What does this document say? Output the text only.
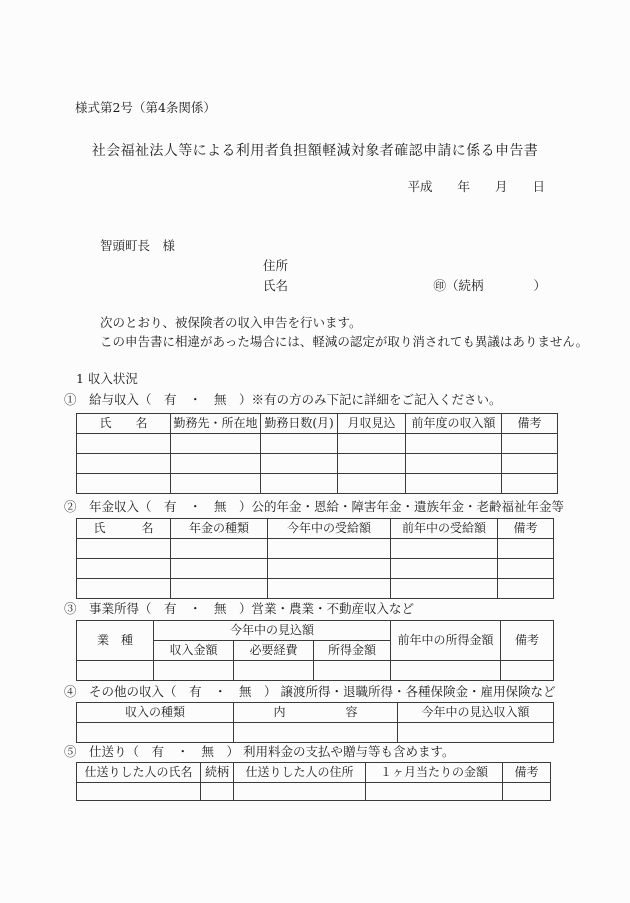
様式第2号（第4条関係）
社会福祉法人等による利用者負担額軽減対象者確認申請に係る申告書
平成　　年　　月　　日
智頭町長　様
住所
氏名	㊞（続柄　　　　）
次のとおり、被保険者の収入申告を行います。
この申告書に相違があった場合には、軽減の認定が取り消されても異議はありません。
1 収入状況
①　給与収入（　有　・　無　）※有の方のみ下記に詳細をご記入ください。
氏　　名	勤務先・所在地	勤務日数(月)	月収見込	前年度の収入額	備考

②　年金収入（　有　・　無　）公的年金・恩給・障害年金・遺族年金・老齢福祉年金等
氏　　　名	年金の種類	今年中の受給額	前年中の受給額	備考

③　事業所得（　有　・　無　）営業・農業・不動産収入など
業　種	今年中の見込額			前年中の所得金額	備考
	収入金額	必要経費	所得金額		

④　その他の収入（　有　・　無　） 譲渡所得・退職所得・各種保険金・雇用保険など
収入の種類	内　　　　　容	今年中の見込収入額

⑤　仕送り（　有　・　無　） 利用料金の支払や贈与等も含めます。
仕送りした人の氏名	続柄	仕送りした人の住所	１ヶ月当たりの金額	備考
